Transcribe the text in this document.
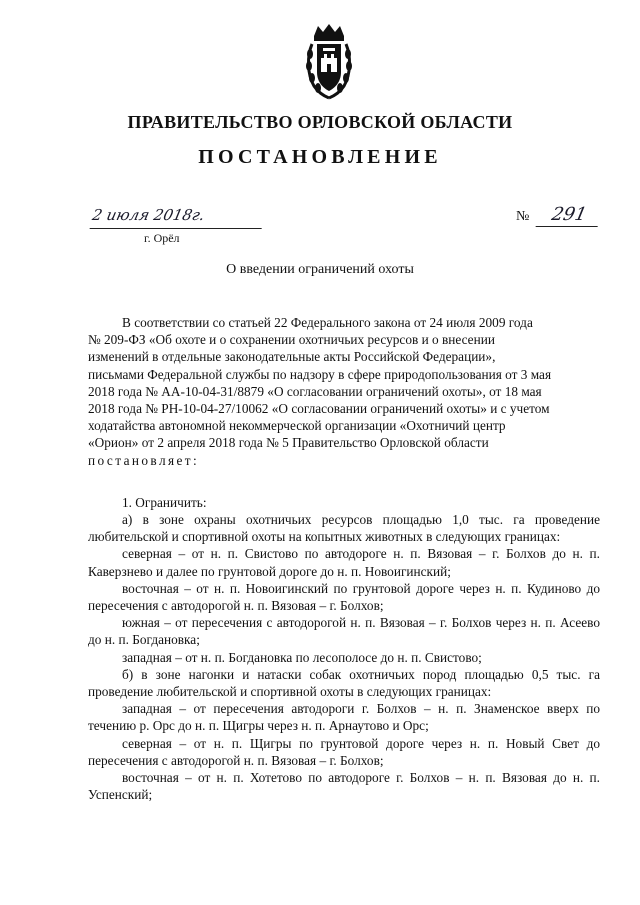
ПРАВИТЕЛЬСТВО ОРЛОВСКОЙ ОБЛАСТИ
ПОСТАНОВЛЕНИЕ
2 июля 2018г.	№	291
г. Орёл
О введении ограничений охоты

В соответствии со статьей 22 Федерального закона от 24 июля 2009 года
№ 209-ФЗ «Об охоте и о сохранении охотничьих ресурсов и о внесении
изменений в отдельные законодательные акты Российской Федерации»,
письмами Федеральной службы по надзору в сфере природопользования от 3 мая
2018 года № АА-10-04-31/8879 «О согласовании ограничений охоты», от 18 мая
2018 года № РН-10-04-27/10062 «О согласовании ограничений охоты» и с учетом
ходатайства автономной некоммерческой организации «Охотничий центр
«Орион» от 2 апреля 2018 года № 5 Правительство Орловской области
постановляет:

1. Ограничить:

а) в зоне охраны охотничьих ресурсов площадью 1,0 тыс. га проведение любительской и спортивной охоты на копытных животных в следующих границах:

северная – от н. п. Свистово по автодороге н. п. Вязовая – г. Болхов до н. п. Каверзнево и далее по грунтовой дороге до н. п. Новоигинский;

восточная – от н. п. Новоигинский по грунтовой дороге через н. п. Кудиново до пересечения с автодорогой н. п. Вязовая – г. Болхов;

южная – от пересечения с автодорогой н. п. Вязовая – г. Болхов через н. п. Асеево до н. п. Богдановка;

западная – от н. п. Богдановка по лесополосе до н. п. Свистово;

б) в зоне нагонки и натаски собак охотничьих пород площадью 0,5 тыс. га проведение любительской и спортивной охоты в следующих границах:

западная – от пересечения автодороги г. Болхов – н. п. Знаменское вверх по течению р. Орс до н. п. Щигры через н. п. Арнаутово и Орс;

северная – от н. п. Щигры по грунтовой дороге через н. п. Новый Свет до пересечения с автодорогой н. п. Вязовая – г. Болхов;

восточная – от н. п. Хотетово по автодороге г. Болхов – н. п. Вязовая до н. п. Успенский;
